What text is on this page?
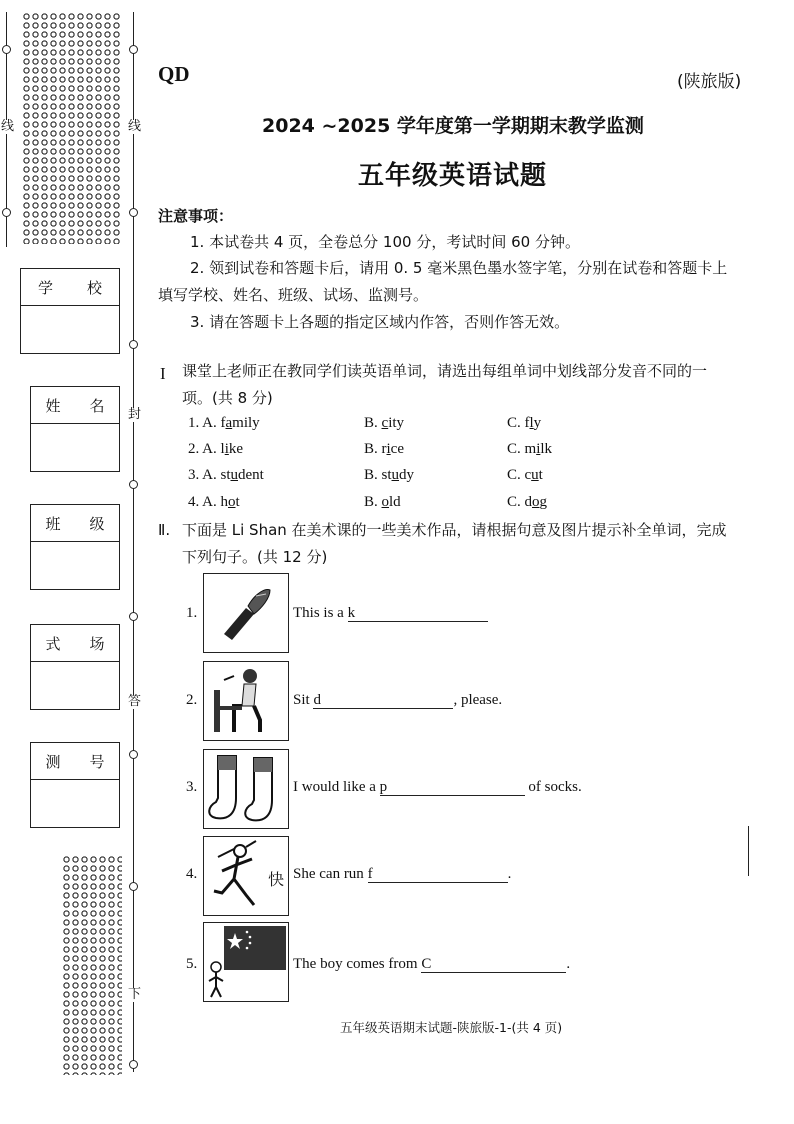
线	线
封
答
下
学 校
姓 名
班 级
式 场
测 号
QD	(陕旅版)
2024 ~2025 学年度第一学期期末教学监测
五年级英语试题
注意事项：
1. 本试卷共 4 页，全卷总分 100 分，考试时间 60 分钟。
2. 领到试卷和答题卡后，请用 0. 5 毫米黑色墨水签字笔，分别在试卷和答题卡上
填写学校、姓名、班级、试场、监测号。
3. 请在答题卡上各题的指定区域内作答，否则作答无效。
I 课堂上老师正在教同学们读英语单词，请选出每组单词中划线部分发音不同的一
项。(共 8 分)
1. A. family	B. city	C. fly
2. A. like	B. rice	C. milk
3. A. student	B. study	C. cut
4. A. hot	B. old	C. dog
Ⅱ. 下面是 Li Shan 在美术课的一些美术作品，请根据句意及图片提示补全单词，完成
下列句子。(共 12 分)
快
1.	This is a k
2.	Sit d	, please.
3.	I would like a p	of socks.
4.	She can run f	.
5.	The boy comes from C	.
五年级英语期末试题-陕旅版-1-(共 4 页)
